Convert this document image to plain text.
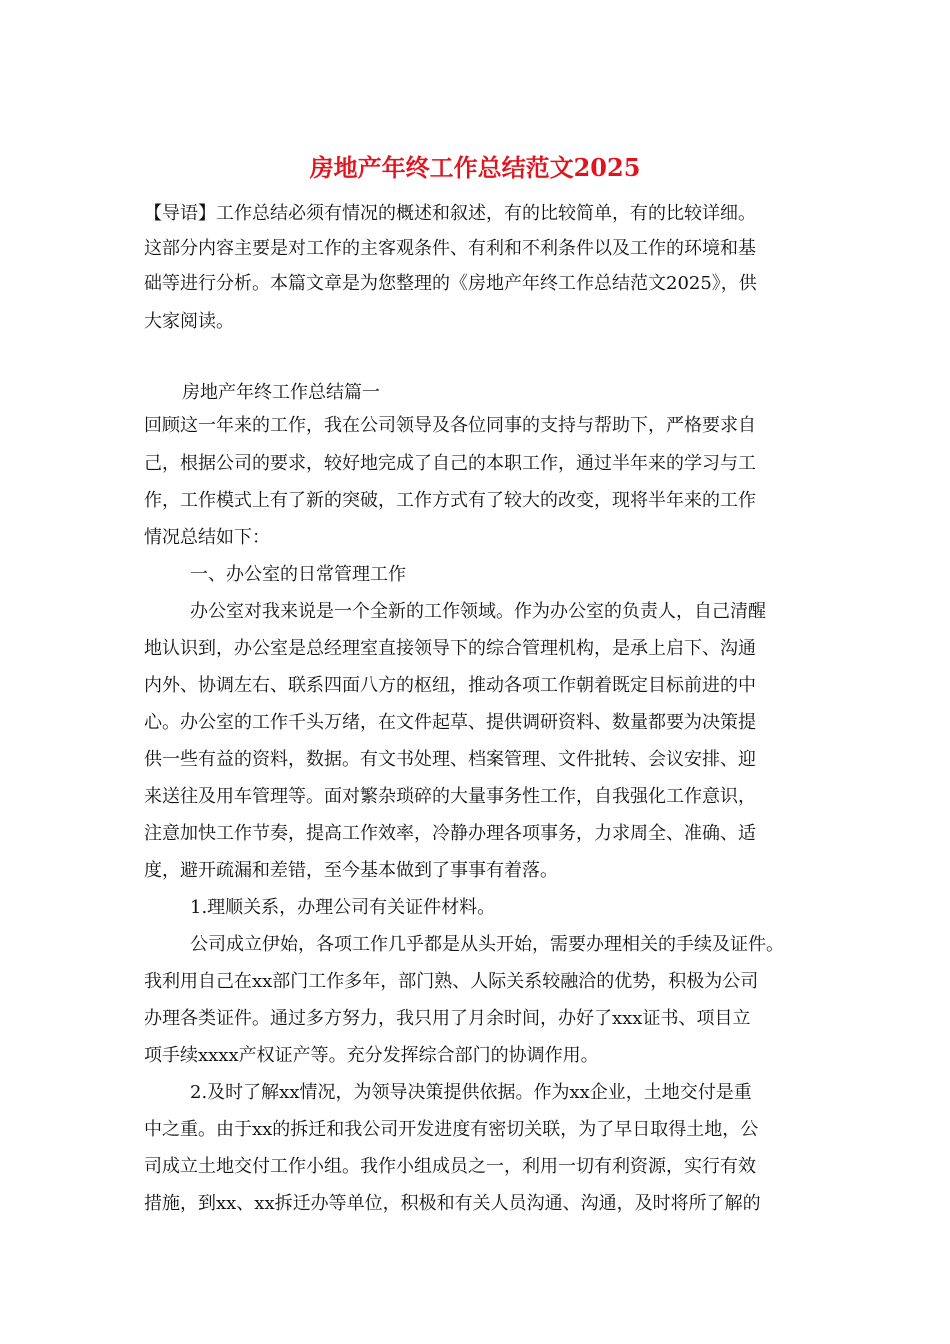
房地产年终工作总结范文2025

【导语】工作总结必须有情况的概述和叙述，有的比较简单，有的比较详细。

这部分内容主要是对工作的主客观条件、有利和不利条件以及工作的环境和基

础等进行分析。本篇文章是为您整理的《房地产年终工作总结范文2025》，供

大家阅读。

房地产年终工作总结篇一

回顾这一年来的工作，我在公司领导及各位同事的支持与帮助下，严格要求自

己，根据公司的要求，较好地完成了自己的本职工作，通过半年来的学习与工

作，工作模式上有了新的突破，工作方式有了较大的改变，现将半年来的工作

情况总结如下：

一、办公室的日常管理工作

办公室对我来说是一个全新的工作领域。作为办公室的负责人，自己清醒

地认识到，办公室是总经理室直接领导下的综合管理机构，是承上启下、沟通

内外、协调左右、联系四面八方的枢纽，推动各项工作朝着既定目标前进的中

心。办公室的工作千头万绪，在文件起草、提供调研资料、数量都要为决策提

供一些有益的资料，数据。有文书处理、档案管理、文件批转、会议安排、迎

来送往及用车管理等。面对繁杂琐碎的大量事务性工作，自我强化工作意识，

注意加快工作节奏，提高工作效率，冷静办理各项事务，力求周全、准确、适

度，避开疏漏和差错，至今基本做到了事事有着落。

1.理顺关系，办理公司有关证件材料。

公司成立伊始，各项工作几乎都是从头开始，需要办理相关的手续及证件。

我利用自己在xx部门工作多年，部门熟、人际关系较融洽的优势，积极为公司

办理各类证件。通过多方努力，我只用了月余时间，办好了xxx证书、项目立

项手续xxxx产权证产等。充分发挥综合部门的协调作用。

2.及时了解xx情况，为领导决策提供依据。作为xx企业，土地交付是重

中之重。由于xx的拆迁和我公司开发进度有密切关联，为了早日取得土地，公

司成立土地交付工作小组。我作小组成员之一，利用一切有利资源，实行有效

措施，到xx、xx拆迁办等单位，积极和有关人员沟通、沟通，及时将所了解的
